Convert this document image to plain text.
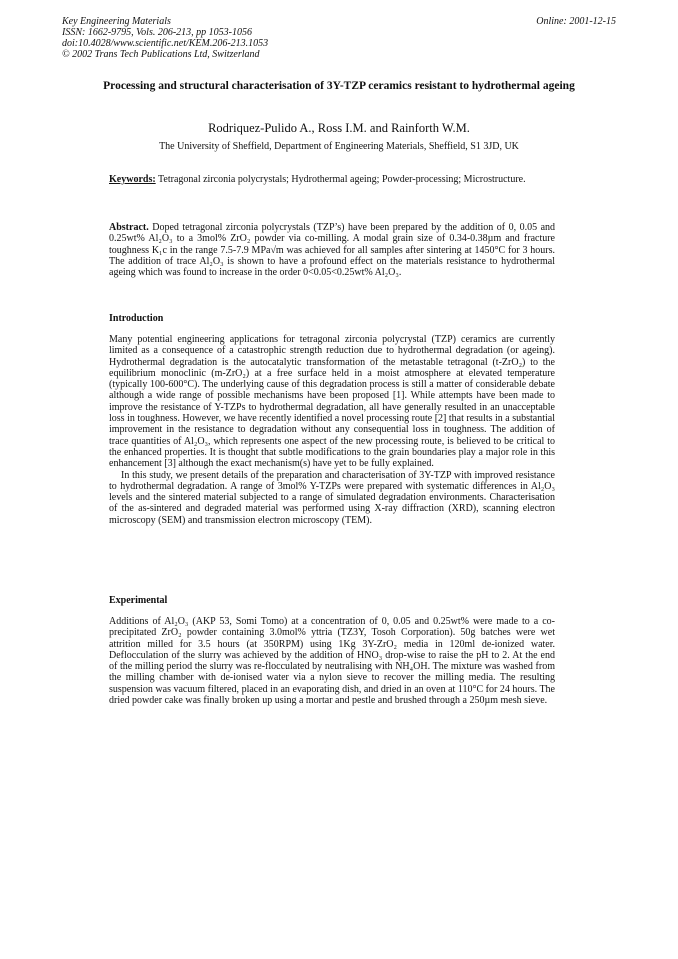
Key Engineering Materials
ISSN: 1662-9795, Vols. 206-213, pp 1053-1056
doi:10.4028/www.scientific.net/KEM.206-213.1053
© 2002 Trans Tech Publications Ltd, Switzerland
Online: 2001-12-15
Processing and structural characterisation of 3Y-TZP ceramics resistant to hydrothermal ageing
Rodriquez-Pulido A., Ross I.M. and Rainforth W.M.
The University of Sheffield, Department of Engineering Materials, Sheffield, S1 3JD, UK
Keywords: Tetragonal zirconia polycrystals; Hydrothermal ageing; Powder-processing; Microstructure.
Abstract. Doped tetragonal zirconia polycrystals (TZP’s) have been prepared by the addition of 0, 0.05 and 0.25wt% Al₂O₃ to a 3mol% ZrO₂ powder via co-milling. A modal grain size of 0.34-0.38µm and fracture toughness K₁c in the range 7.5-7.9 MPa√m was achieved for all samples after sintering at 1450°C for 3 hours. The addition of trace Al₂O₃ is shown to have a profound effect on the materials resistance to hydrothermal ageing which was found to increase in the order 0<0.05<0.25wt% Al₂O₃.
Introduction

Many potential engineering applications for tetragonal zirconia polycrystal (TZP) ceramics are currently limited as a consequence of a catastrophic strength reduction due to hydrothermal degradation (or ageing). Hydrothermal degradation is the autocatalytic transformation of the metastable tetragonal (t-ZrO₂) to the equilibrium monoclinic (m-ZrO₂) at a free surface held in a moist atmosphere at elevated temperature (typically 100-600°C). The underlying cause of this degradation process is still a matter of considerable debate although a wide range of possible mechanisms have been proposed [1]. While attempts have been made to improve the resistance of Y-TZPs to hydrothermal degradation, all have generally resulted in an unacceptable loss in toughness. However, we have recently identified a novel processing route [2] that results in a substantial improvement in the resistance to degradation without any consequential loss in toughness. The addition of trace quantities of Al₂O₃, which represents one aspect of the new processing route, is believed to be critical to the enhanced properties. It is thought that subtle modifications to the grain boundaries play a major role in this enhancement [3] although the exact mechanism(s) have yet to be fully explained.

In this study, we present details of the preparation and characterisation of 3Y-TZP with improved resistance to hydrothermal degradation. A range of 3mol% Y-TZPs were prepared with systematic differences in Al₂O₃ levels and the sintered material subjected to a range of simulated degradation environments. Characterisation of the as-sintered and degraded material was performed using X-ray diffraction (XRD), scanning electron microscopy (SEM) and transmission electron microscopy (TEM).

Experimental

Additions of Al₂O₃ (AKP 53, Somi Tomo) at a concentration of 0, 0.05 and 0.25wt% were made to a co-precipitated ZrO₂ powder containing 3.0mol% yttria (TZ3Y, Tosoh Corporation). 50g batches were wet attrition milled for 3.5 hours (at 350RPM) using 1Kg 3Y-ZrO₂ media in 120ml de-ionized water. Deflocculation of the slurry was achieved by the addition of HNO₃ drop-wise to raise the pH to 2. At the end of the milling period the slurry was re-flocculated by neutralising with NH₄OH. The mixture was washed from the milling chamber with de-ionised water via a nylon sieve to recover the milling media. The resulting suspension was vacuum filtered, placed in an evaporating dish, and dried in an oven at 110°C for 24 hours. The dried powder cake was finally broken up using a mortar and pestle and brushed through a 250µm mesh sieve.
